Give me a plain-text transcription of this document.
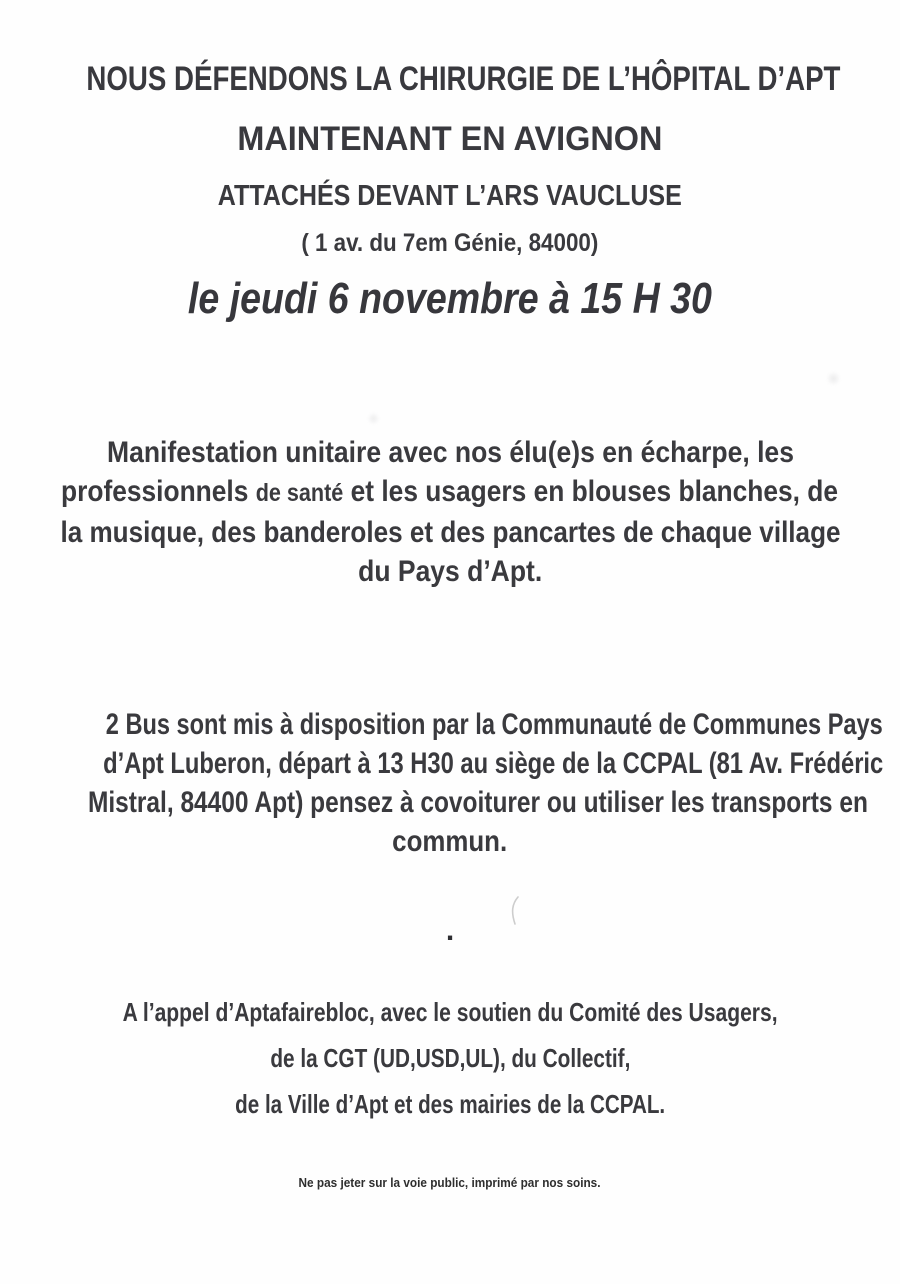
NOUS DÉFENDONS LA CHIRURGIE DE L’HÔPITAL D’APT
MAINTENANT EN AVIGNON
ATTACHÉS DEVANT L’ARS VAUCLUSE
( 1 av. du 7em Génie, 84000)
le jeudi 6 novembre à 15 H 30
Manifestation unitaire avec nos élu(e)s en écharpe, les
professionnels de santé et les usagers en blouses blanches, de
la musique, des banderoles et des pancartes de chaque village
du Pays d’Apt.
2 Bus sont mis à disposition par la Communauté de Communes Pays
d’Apt Luberon, départ à 13 H30 au siège de la CCPAL (81 Av. Frédéric
Mistral, 84400 Apt) pensez à covoiturer ou utiliser les transports en
commun.
.
A l’appel d’Aptafairebloc, avec le soutien du Comité des Usagers,
de la CGT (UD,USD,UL), du Collectif,
de la Ville d’Apt et des mairies de la CCPAL.
Ne pas jeter sur la voie public, imprimé par nos soins.
